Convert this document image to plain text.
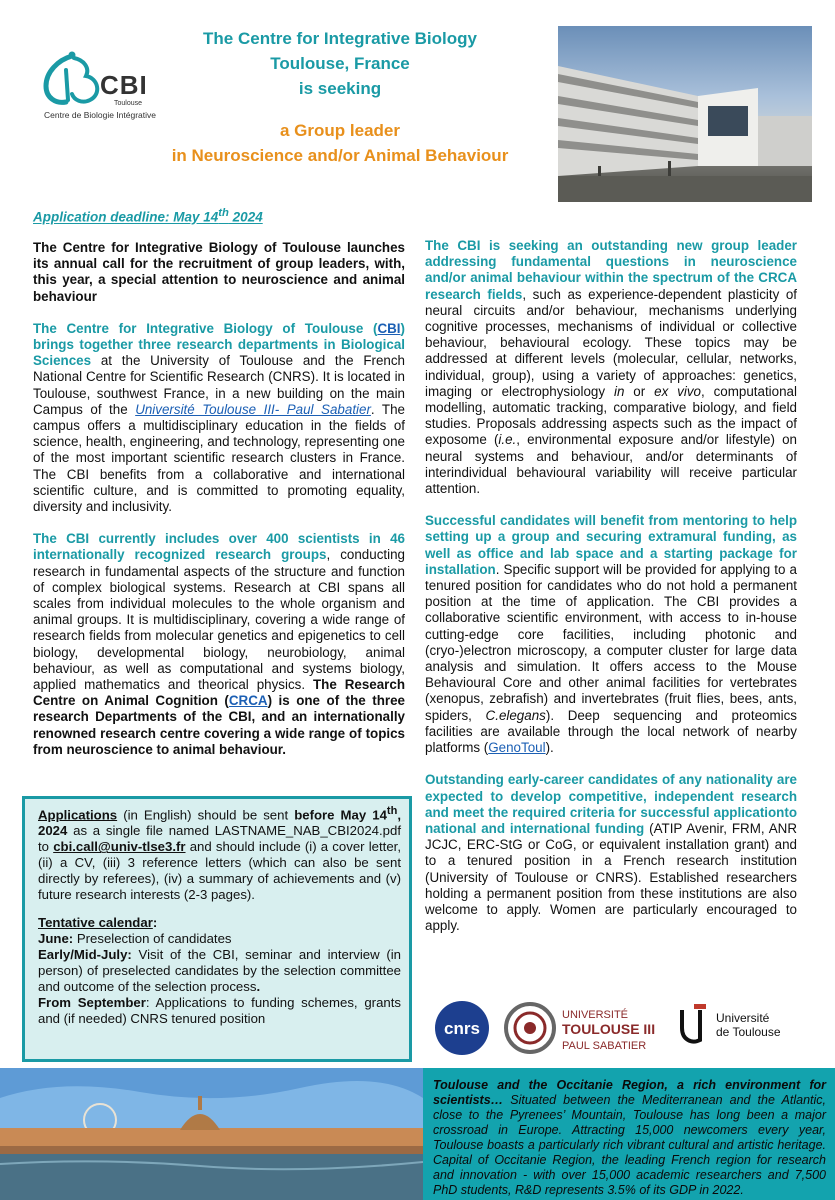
CBI
Toulouse
Centre de Biologie Intégrative
The Centre for Integrative Biology
Toulouse, France
is seeking
a Group leader
in Neuroscience and/or Animal Behaviour
Application deadline: May 14th 2024

The Centre for Integrative Biology of Toulouse launches its annual call for the recruitment of group leaders, with, this year, a special attention to neuroscience and animal behaviour

The Centre for Integrative Biology of Toulouse (CBI) brings together three research departments in Biological Sciences at the University of Toulouse and the French National Centre for Scientific Research (CNRS). It is located in Toulouse, southwest France, in a new building on the main Campus of the Université Toulouse III- Paul Sabatier. The campus offers a multidisciplinary education in the fields of science, health, engineering, and technology, representing one of the most important scientific research clusters in France. The CBI benefits from a collaborative and international scientific culture, and is committed to promoting equality, diversity and inclusivity.

The CBI currently includes over 400 scientists in 46 internationally recognized research groups, conducting research in fundamental aspects of the structure and function of complex biological systems. Research at CBI spans all scales from individual molecules to the whole organism and animal groups. It is multidisciplinary, covering a wide range of research fields from molecular genetics and epigenetics to cell biology, developmental biology, neurobiology, animal behaviour, as well as computational and systems biology, applied mathematics and theorical physics. The Research Centre on Animal Cognition (CRCA) is one of the three research Departments of the CBI, and an internationally renowned research centre covering a wide range of topics from neuroscience to animal behaviour.

Applications (in English) should be sent before May 14th, 2024 as a single file named LASTNAME_NAB_CBI2024.pdf to cbi.call@univ-tlse3.fr and should include (i) a cover letter, (ii) a CV, (iii) 3 reference letters (which can also be sent directly by referees), (iv) a summary of achievements and (v) future research interests (2-3 pages).

Tentative calendar:
June: Preselection of candidates
Early/Mid-July: Visit of the CBI, seminar and interview (in person) of preselected candidates by the selection committee and outcome of the selection process.
From September: Applications to funding schemes, grants and (if needed) CNRS tenured position

The CBI is seeking an outstanding new group leader addressing fundamental questions in neuroscience and/or animal behaviour within the spectrum of the CRCA research fields, such as experience-dependent plasticity of neural circuits and/or behaviour, mechanisms underlying cognitive processes, mechanisms of individual or collective behaviour, behavioural ecology. These topics may be addressed at different levels (molecular, cellular, networks, individual, group), using a variety of approaches: genetics, imaging or electrophysiology in or ex vivo, computational modelling, automatic tracking, comparative biology, and field studies. Proposals addressing aspects such as the impact of exposome (i.e., environmental exposure and/or lifestyle) on neural systems and behaviour, and/or determinants of interindividual behavioural variability will receive particular attention.

Successful candidates will benefit from mentoring to help setting up a group and securing extramural funding, as well as office and lab space and a starting package for installation. Specific support will be provided for applying to a tenured position for candidates who do not hold a permanent position at the time of application. The CBI provides a collaborative scientific environment, with access to in-house cutting-edge core facilities, including photonic and (cryo-)electron microscopy, a computer cluster for large data analysis and simulation. It offers access to the Mouse Behavioural Core and other animal facilities for vertebrates (xenopus, zebrafish) and invertebrates (fruit flies, bees, ants, spiders, C.elegans). Deep sequencing and proteomics facilities are available through the local network of nearby platforms (GenoToul).

Outstanding early-career candidates of any nationality are expected to develop competitive, independent research and meet the required criteria for successful applicationto national and international funding (ATIP Avenir, FRM, ANR JCJC, ERC-StG or CoG, or equivalent installation grant) and to a tenured position in a French research institution (University of Toulouse or CNRS). Established researchers holding a permanent position from these institutions are also welcome to apply. Women are particularly encouraged to apply.

cnrs
UNIVERSITÉ
TOULOUSE III
PAUL SABATIER
Université
de Toulouse
Toulouse and the Occitanie Region, a rich environment for scientists… Situated between the Mediterranean and the Atlantic, close to the Pyrenees’ Mountain, Toulouse has long been a major crossroad in Europe. Attracting 15,000 newcomers every year, Toulouse boasts a particularly rich vibrant cultural and artistic heritage. Capital of Occitanie Region, the leading French region for research and innovation - with over 15,000 academic researchers and 7,500 PhD students, R&D represents 3.5% of its GDP in 2022.
